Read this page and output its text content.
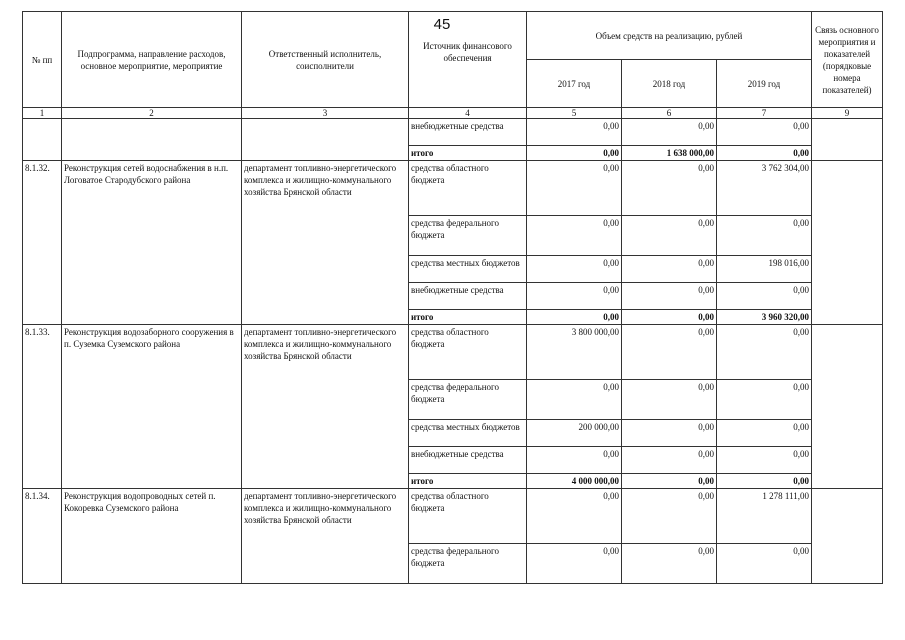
45
№ пп	Подпрограмма, направление расходов, основное мероприятие, мероприятие	Ответственный исполнитель, соисполнители	Источник финансового обеспечения	Объем средств на реализацию, рублей			Связь основного мероприятия и показателей (порядковые номера показателей)
				2017 год	2018 год	2019 год	
1	2	3	4	5	6	7	9
			внебюджетные средства	0,00	0,00	0,00	
			итого	0,00	1 638 000,00	0,00	
8.1.32.	Реконструкция сетей водоснабжения в н.п. Логоватое Стародубского района	департамент топливно-энергетического комплекса и жилищно-коммунального хозяйства Брянской области	средства областного бюджета	0,00	0,00	3 762 304,00	
			средства федерального бюджета	0,00	0,00	0,00	
			средства местных бюджетов	0,00	0,00	198 016,00	
			внебюджетные средства	0,00	0,00	0,00	
			итого	0,00	0,00	3 960 320,00	
8.1.33.	Реконструкция водозаборного сооружения в п. Суземка Суземского района	департамент топливно-энергетического комплекса и жилищно-коммунального хозяйства Брянской области	средства областного бюджета	3 800 000,00	0,00	0,00	
			средства федерального бюджета	0,00	0,00	0,00	
			средства местных бюджетов	200 000,00	0,00	0,00	
			внебюджетные средства	0,00	0,00	0,00	
			итого	4 000 000,00	0,00	0,00	
8.1.34.	Реконструкция водопроводных сетей п. Кокоревка Суземского района	департамент топливно-энергетического комплекса и жилищно-коммунального хозяйства Брянской области	средства областного бюджета	0,00	0,00	1 278 111,00	
			средства федерального бюджета	0,00	0,00	0,00	
